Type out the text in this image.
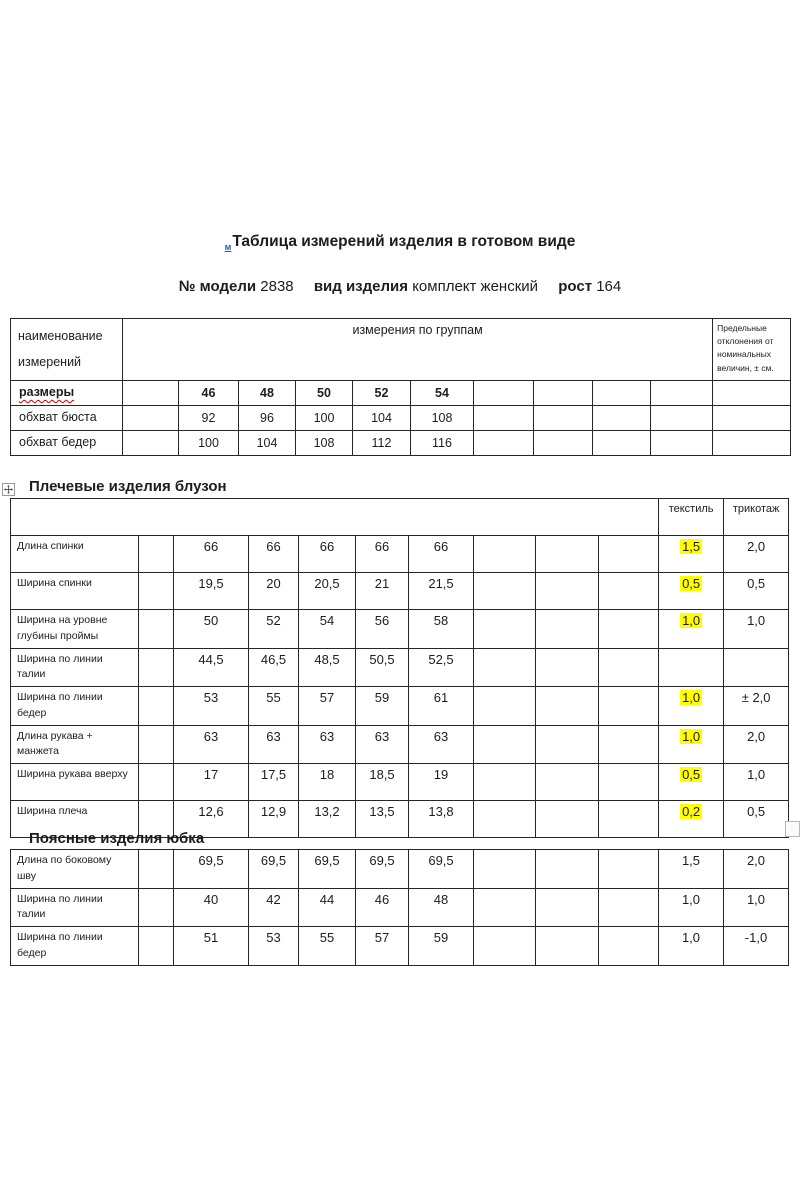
$_м$Таблица измерений изделия в готовом виде
№ модели 2838 вид изделия комплект женский рост 164
наименование измерений	измерения по группам										Предельные отклонения от номинальных величин, ± см.
размеры		46	48	50	52	54					
обхват бюста		92	96	100	104	108					
обхват бедер		100	104	108	112	116					
Плечевые изделия блузон
										текстиль	трикотаж
Длина спинки		66	66	66	66	66				1,5	2,0
Ширина спинки		19,5	20	20,5	21	21,5				0,5	0,5
Ширина на уровне глубины проймы		50	52	54	56	58				1,0	1,0
Ширина по линии талии		44,5	46,5	48,5	50,5	52,5					
Ширина по линии бедер		53	55	57	59	61				1,0	± 2,0
Длина рукава + манжета		63	63	63	63	63				1,0	2,0
Ширина рукава вверху		17	17,5	18	18,5	19				0,5	1,0
Ширина плеча		12,6	12,9	13,2	13,5	13,8				0,2	0,5
Поясные изделия юбка
Длина по боковому шву		69,5	69,5	69,5	69,5	69,5				1,5	2,0
Ширина по линии талии		40	42	44	46	48				1,0	1,0
Ширина по линии бедер		51	53	55	57	59				1,0	-1,0
